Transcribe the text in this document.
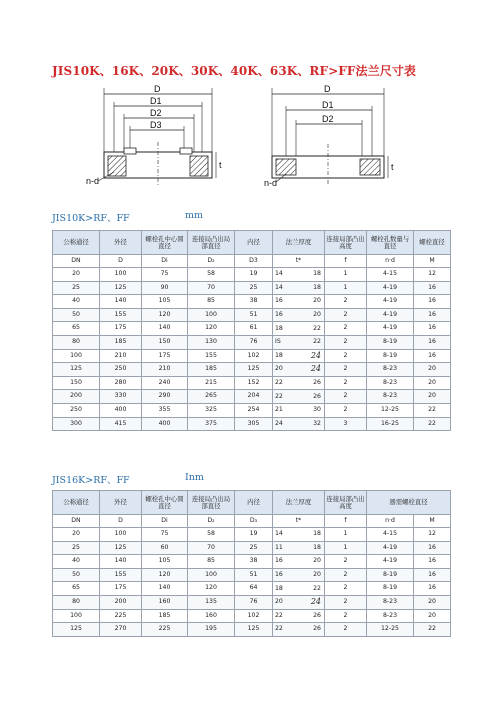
JIS10K、16K、20K、30K、40K、63K、RF>FF法兰尺寸表
D
D1
D2
D3
t
n-d
D
D1
D2
t
n-d
JIS10K>RF、FF	mm
公称通径	外径	螺栓孔中心圆直径	连接局凸出局部直径	内径	法兰厚度	连接局部凸出高度	螺栓孔数量与直径	螺栓直径
DN	D	Di	D₂	D3	t*	f	n·d	M
20	100	75	58	19	14 18	1	4-15	12
25	125	90	70	25	14 18	1	4-19	16
40	140	105	85	38	16 20	2	4-19	16
50	155	120	100	51	16 20	2	4-19	16
65	175	140	120	61	18 22	2	4-19	16
80	185	150	130	76	IS 22	2	8-19	16
100	210	175	155	102	18 24	2	8-19	16
125	250	210	185	125	20 24	2	8-23	20
150	280	240	215	152	22 26	2	8-23	20
200	330	290	265	204	22 26	2	8-23	20
250	400	355	325	254	21 30	2	12-25	22
300	415	400	375	305	24 32	3	16-25	22
JIS16K>RF、FF	Inm
公称通径	外径	螺栓孔中心圆直径	连接局凸出局部直径	内径	法兰厚度	连接局部凸出高度	器需螺栓直径	
DN	D	Di	D₂	D₃	t*	f	n·d	M
20	100	75	58	19	14 18	1	4-15	12
25	125	60	70	25	11 18	1	4-19	16
40	140	105	85	38	16 20	2	4-19	16
50	155	120	100	51	16 20	2	8-19	16
65	175	140	120	64	18 22	2	8-19	16
80	200	160	135	76	20 24	2	8-23	20
100	225	185	160	102	22 26	2	8-23	20
125	270	225	195	125	22 26	2	12-25	22
